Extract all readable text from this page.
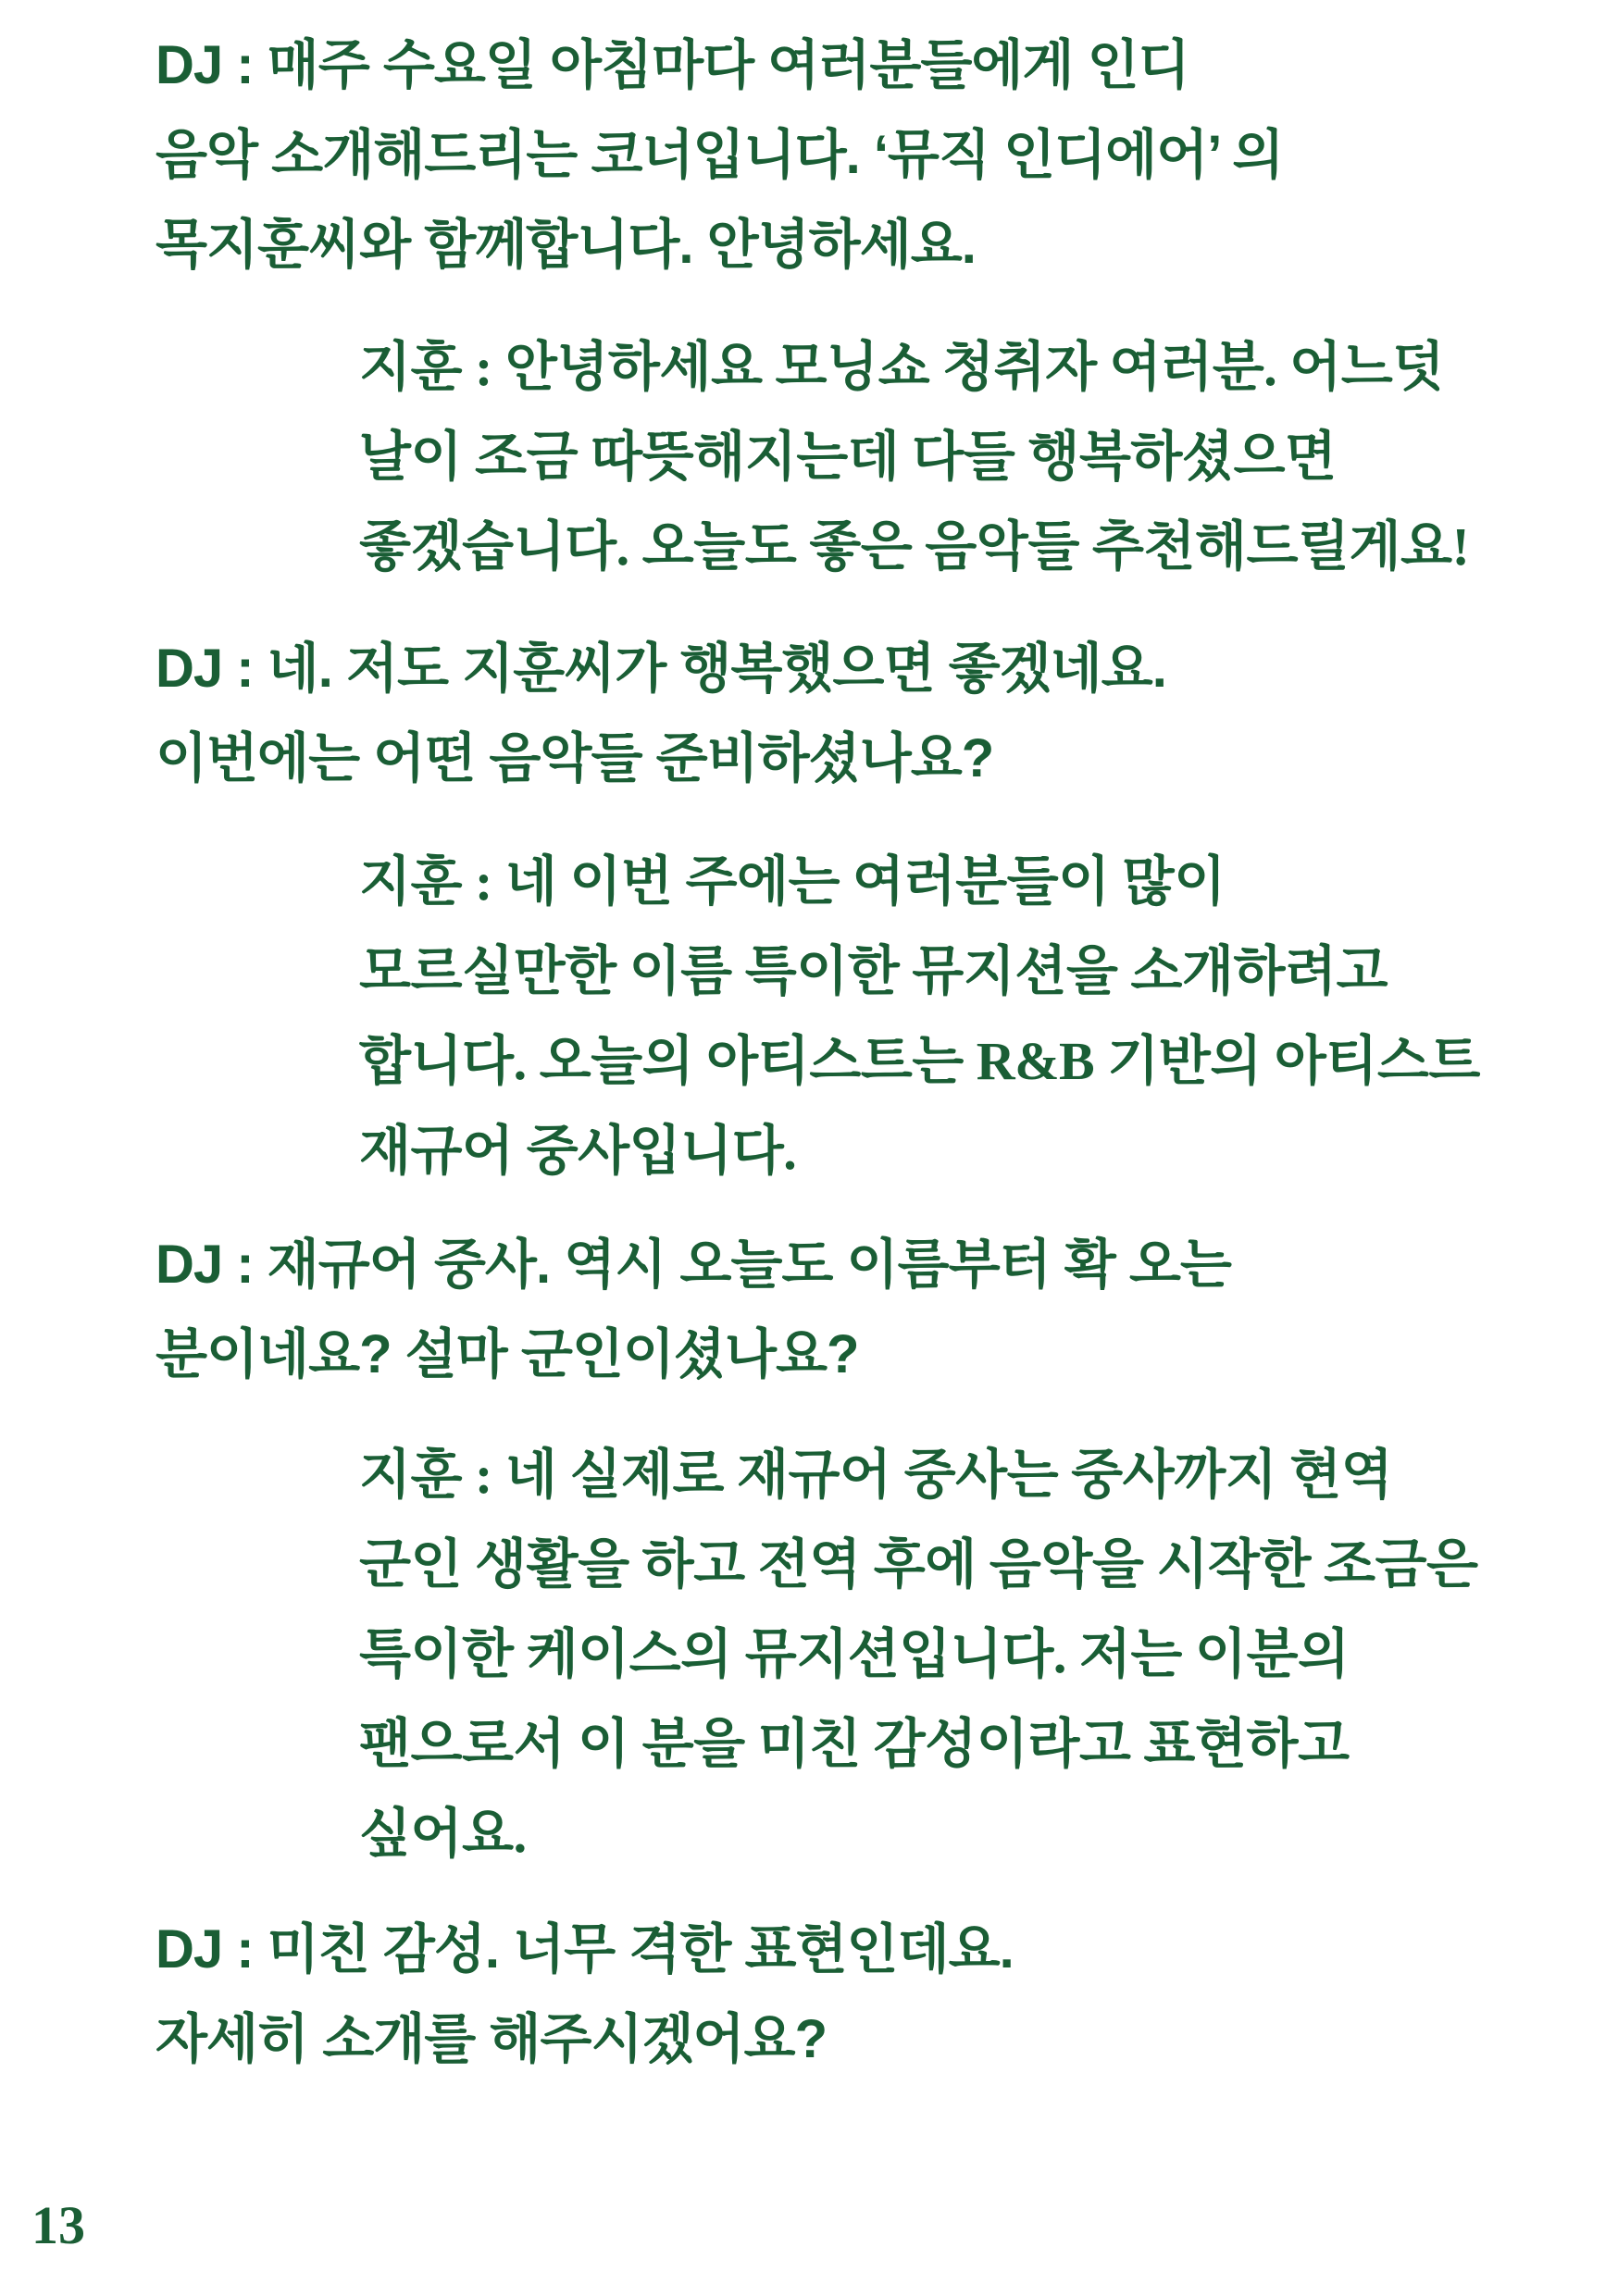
DJ : 매주 수요일 아침마다 여러분들에게 인디
음악 소개해드리는 코너입니다. ‘뮤직 인디에어’ 의
목지훈씨와 함께합니다. 안녕하세요.

지훈 : 안녕하세요 모닝쇼 청취자 여러분. 어느덧
날이 조금 따뜻해지는데 다들 행복하셨으면
좋겠습니다. 오늘도 좋은 음악들 추천해드릴게요!

DJ : 네. 저도 지훈씨가 행복했으면 좋겠네요.
이번에는 어떤 음악들 준비하셨나요?

지훈 : 네 이번 주에는 여러분들이 많이
모르실만한 이름 특이한 뮤지션을 소개하려고
합니다. 오늘의 아티스트는 R&B 기반의 아티스트
재규어 중사입니다.

DJ : 재규어 중사. 역시 오늘도 이름부터 확 오는
분이네요? 설마 군인이셨나요?

지훈 : 네 실제로 재규어 중사는 중사까지 현역
군인 생활을 하고 전역 후에 음악을 시작한 조금은
특이한 케이스의 뮤지션입니다. 저는 이분의
팬으로서 이 분을 미친 감성이라고 표현하고
싶어요.

DJ : 미친 감성. 너무 격한 표현인데요.
자세히 소개를 해주시겠어요?

13
